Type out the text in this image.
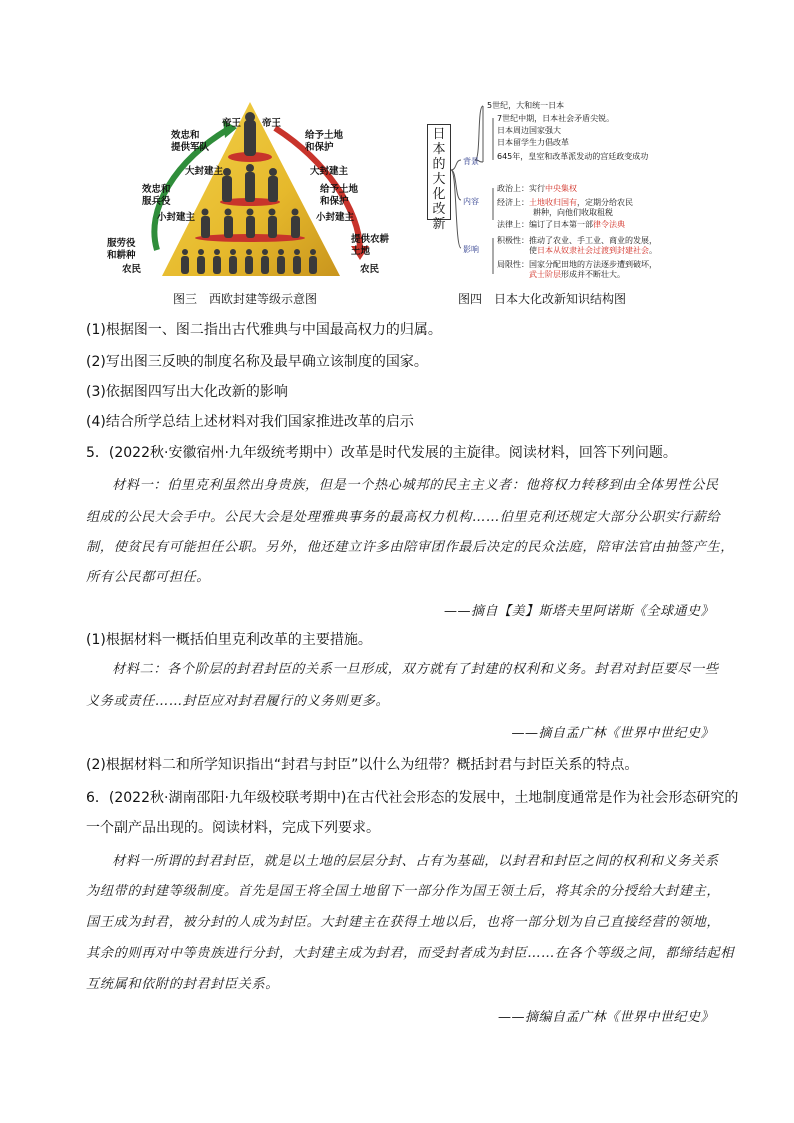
帝王 帝王
效忠和
提供军队
给予土地
和保护
大封建主	大封建主
效忠和
服兵役
给予土地
和保护
小封建主	小封建主
服劳役
和耕种
提供农耕
土地
农民	农民
图三　西欧封建等级示意图
日本的大化改新
背景
内容
影响
5世纪，大和统一日本
7世纪中期，日本社会矛盾尖锐。
日本周边国家强大
日本留学生力倡改革
645年，皇室和改革派发动的宫廷政变成功
政治上：实行中央集权
经济上：土地收归国有，定期分给农民
耕种，向他们收取租税
法律上：编订了日本第一部律令法典
积极性：推动了农业、手工业、商业的发展，
使日本从奴隶社会过渡到封建社会。
局限性：国家分配田地的方法逐步遭到破坏，
武士阶层形成并不断壮大。
图四　日本大化改新知识结构图
(1)根据图一、图二指出古代雅典与中国最高权力的归属。
(2)写出图三反映的制度名称及最早确立该制度的国家。
(3)依据图四写出大化改新的影响
(4)结合所学总结上述材料对我们国家推进改革的启示
5．(2022秋·安徽宿州·九年级统考期中）改革是时代发展的主旋律。阅读材料，回答下列问题。
材料一：伯里克利虽然出身贵族，但是一个热心城邦的民主主义者：他将权力转移到由全体男性公民
组成的公民大会手中。公民大会是处理雅典事务的最高权力机构……伯里克利还规定大部分公职实行薪给
制，使贫民有可能担任公职。另外，他还建立许多由陪审团作最后决定的民众法庭，陪审法官由抽签产生，
所有公民都可担任。
——摘自【美】斯塔夫里阿诺斯《全球通史》
(1)根据材料一概括伯里克利改革的主要措施。
材料二：各个阶层的封君封臣的关系一旦形成，双方就有了封建的权利和义务。封君对封臣要尽一些
义务或责任……封臣应对封君履行的义务则更多。
——摘自孟广林《世界中世纪史》
(2)根据材料二和所学知识指出“封君与封臣”以什么为纽带？概括封君与封臣关系的特点。
6．(2022秋·湖南邵阳·九年级校联考期中)在古代社会形态的发展中，土地制度通常是作为社会形态研究的
一个副产品出现的。阅读材料，完成下列要求。
材料一所谓的封君封臣，就是以土地的层层分封、占有为基础，以封君和封臣之间的权利和义务关系
为纽带的封建等级制度。首先是国王将全国土地留下一部分作为国王领土后，将其余的分授给大封建主，
国王成为封君，被分封的人成为封臣。大封建主在获得土地以后，也将一部分划为自己直接经营的领地，
其余的则再对中等贵族进行分封，大封建主成为封君，而受封者成为封臣……在各个等级之间，都缔结起相
互统属和依附的封君封臣关系。
——摘编自孟广林《世界中世纪史》
